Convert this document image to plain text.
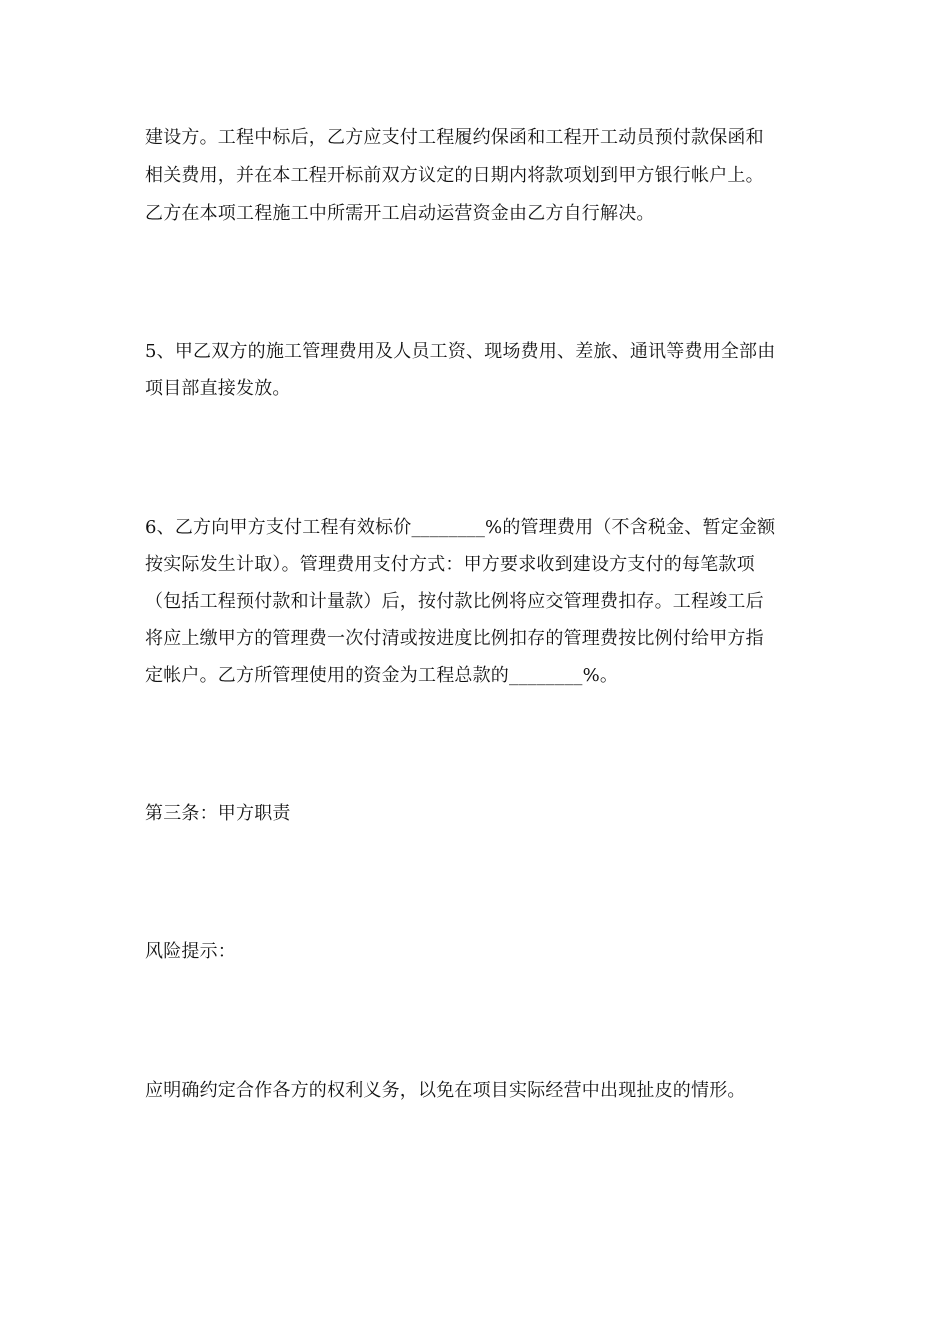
建设方。工程中标后，乙方应支付工程履约保函和工程开工动员预付款保函和

相关费用，并在本工程开标前双方议定的日期内将款项划到甲方银行帐户上。

乙方在本项工程施工中所需开工启动运营资金由乙方自行解决。

5、甲乙双方的施工管理费用及人员工资、现场费用、差旅、通讯等费用全部由

项目部直接发放。

6、乙方向甲方支付工程有效标价________%的管理费用（不含税金、暂定金额

按实际发生计取）。管理费用支付方式：甲方要求收到建设方支付的每笔款项

（包括工程预付款和计量款）后，按付款比例将应交管理费扣存。工程竣工后

将应上缴甲方的管理费一次付清或按进度比例扣存的管理费按比例付给甲方指

定帐户。乙方所管理使用的资金为工程总款的________%。

第三条：甲方职责

风险提示：

应明确约定合作各方的权利义务，以免在项目实际经营中出现扯皮的情形。
